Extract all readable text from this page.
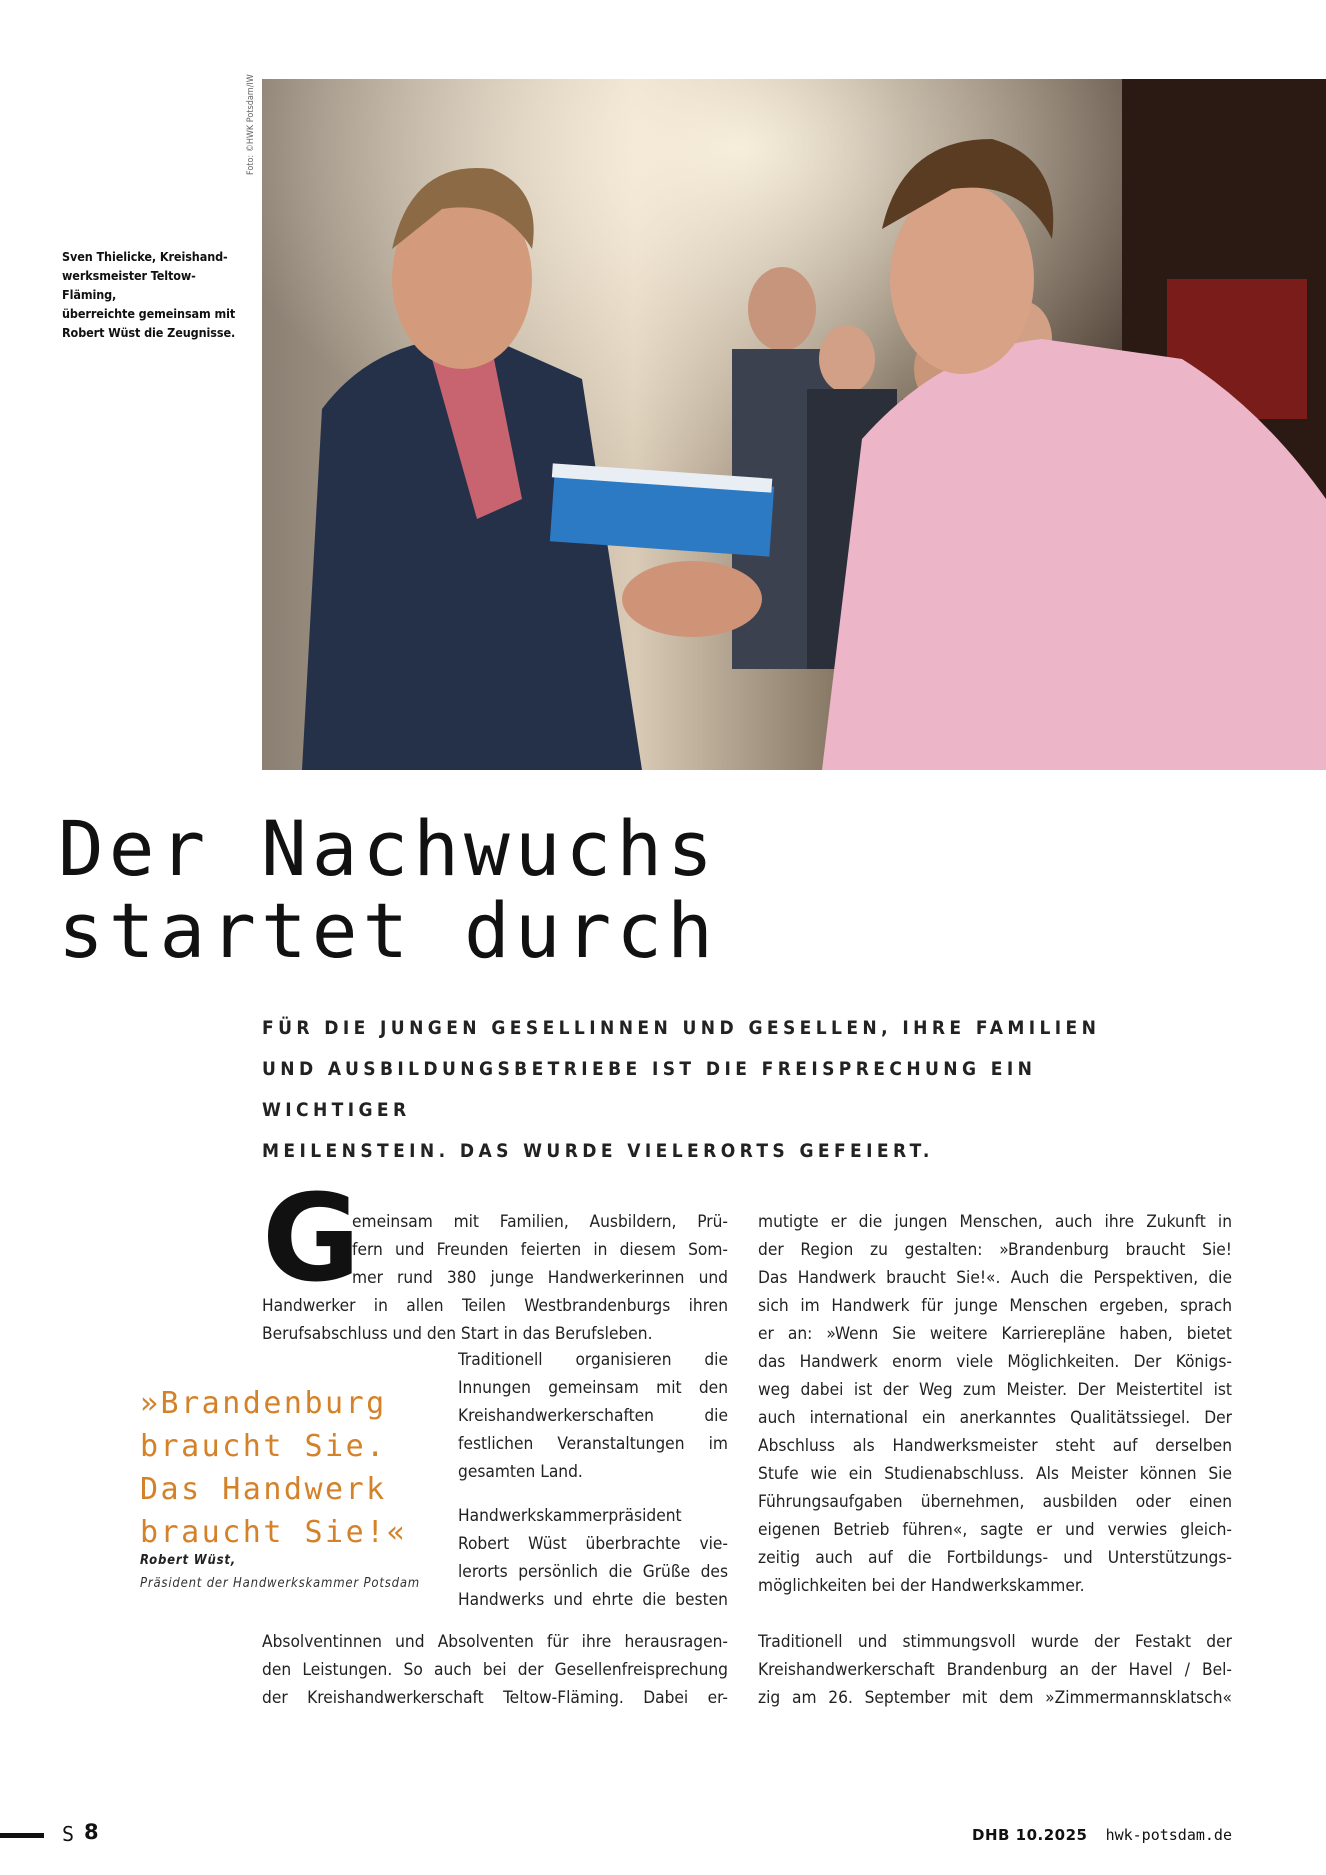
Foto: ©HWK Potsdam/IW
Sven Thielicke, Kreishand-
werksmeister Teltow-Fläming,
überreichte gemeinsam mit
Robert Wüst die Zeugnisse.
Der Nachwuchs
startet durch
FÜR DIE JUNGEN GESELLINNEN UND GESELLEN, IHRE FAMILIEN
UND AUSBILDUNGSBETRIEBE IST DIE FREISPRECHUNG EIN WICHTIGER
MEILENSTEIN. DAS WURDE VIELERORTS GEFEIERT.
G
emeinsam mit Familien, Ausbildern, Prü-
fern und Freunden feierten in diesem Som-
mer rund 380 junge Handwerkerinnen und
Handwerker in allen Teilen Westbrandenburgs ihren
Berufsabschluss und den Start in das Berufsleben.
Traditionell organisieren die
Innungen gemeinsam mit den
Kreishandwerkerschaften die
festlichen Veranstaltungen im
gesamten Land.
Handwerkskammerpräsident
Robert Wüst überbrachte vie-
lerorts persönlich die Grüße des
Handwerks und ehrte die besten
Absolventinnen und Absolventen für ihre herausragen-
den Leistungen. So auch bei der Gesellenfreisprechung
der Kreishandwerkerschaft Teltow-Fläming. Dabei er-
mutigte er die jungen Menschen, auch ihre Zukunft in
der Region zu gestalten: »Brandenburg braucht Sie!
Das Handwerk braucht Sie!«. Auch die Perspektiven, die
sich im Handwerk für junge Menschen ergeben, sprach
er an: »Wenn Sie weitere Karrierepläne haben, bietet
das Handwerk enorm viele Möglichkeiten. Der Königs-
weg dabei ist der Weg zum Meister. Der Meistertitel ist
auch international ein anerkanntes Qualitätssiegel. Der
Abschluss als Handwerksmeister steht auf derselben
Stufe wie ein Studienabschluss. Als Meister können Sie
Führungsaufgaben übernehmen, ausbilden oder einen
eigenen Betrieb führen«, sagte er und verwies gleich-
zeitig auch auf die Fortbildungs- und Unterstützungs-
möglichkeiten bei der Handwerkskammer.
Traditionell und stimmungsvoll wurde der Festakt der
Kreishandwerkerschaft Brandenburg an der Havel / Bel-
zig am 26. September mit dem »Zimmermannsklatsch«
»Brandenburg
braucht Sie.
Das Handwerk
braucht Sie!«
Robert Wüst,
Präsident der Handwerkskammer Potsdam
S 8	DHB 10.2025 hwk-potsdam.de
